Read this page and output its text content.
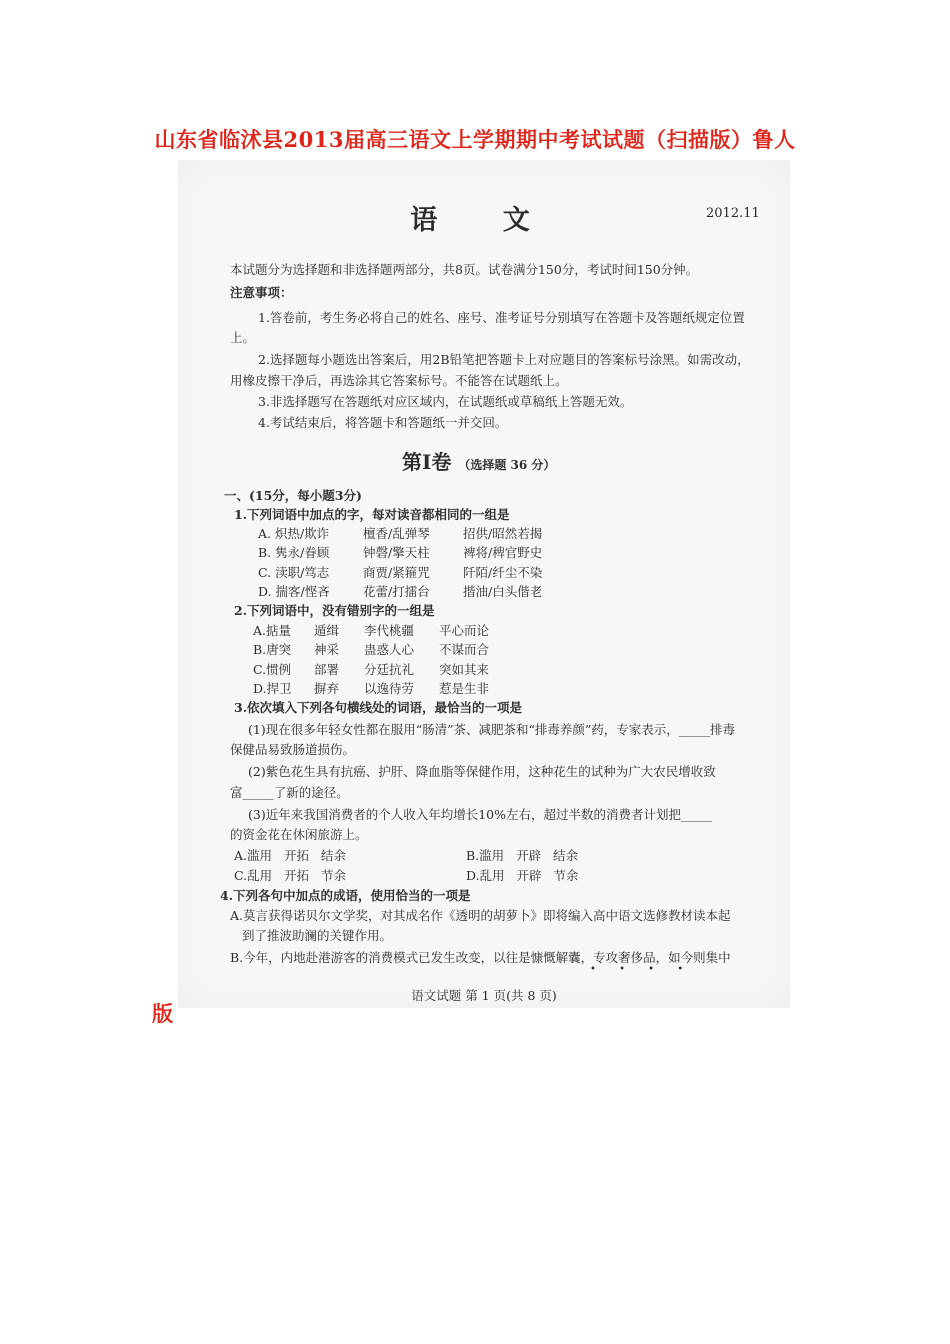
山东省临沭县2013届高三语文上学期期中考试试题（扫描版）鲁人
语 文	2012.11
本试题分为选择题和非选择题两部分，共8页。试卷满分150分，考试时间150分钟。
注意事项：
1.答卷前，考生务必将自己的姓名、座号、准考证号分别填写在答题卡及答题纸规定位置
上。
2.选择题每小题选出答案后，用2B铅笔把答题卡上对应题目的答案标号涂黑。如需改动，
用橡皮擦干净后，再选涂其它答案标号。不能答在试题纸上。
3.非选择题写在答题纸对应区域内，在试题纸或草稿纸上答题无效。
4.考试结束后，将答题卡和答题纸一并交回。
第Ⅰ卷 （选择题 36 分）
一、(15分，每小题3分)
1.下列词语中加点的字，每对读音都相同的一组是
A. 炽热/欺诈	檀香/乱弹琴	招供/昭然若揭
B. 隽永/眷顾	钟磬/擎天柱	裨将/稗官野史
C. 渎职/笃志	商贾/紧箍咒	阡陌/纤尘不染
D. 揣客/悭吝	花蕾/打擂台	揩油/白头偕老
2.下列词语中，没有错别字的一组是
A.掂量 遁缉 李代桃疆 平心而论
B.唐突 神采 蛊惑人心 不谋而合
C.惯例 部署 分廷抗礼 突如其来
D.捍卫 摒弃 以逸待劳 惹是生非
3.依次填入下列各句横线处的词语，最恰当的一项是
(1)现在很多年轻女性都在服用“肠清”茶、减肥茶和“排毒养颜”药，专家表示，_____排毒
保健品易致肠道损伤。
(2)紫色花生具有抗癌、护肝、降血脂等保健作用，这种花生的试种为广大农民增收致
富_____了新的途径。
(3)近年来我国消费者的个人收入年均增长10%左右，超过半数的消费者计划把_____
的资金花在休闲旅游上。
A.滥用 开拓 结余	B.滥用 开辟 结余
C.乱用 开拓 节余	D.乱用 开辟 节余
4.下列各句中加点的成语，使用恰当的一项是
A.莫言获得诺贝尔文学奖，对其成名作《透明的胡萝卜》即将编入高中语文选修教材读本起
到了推波助澜的关键作用。
B.今年，内地赴港游客的消费模式已发生改变，以往是慷慨解囊，专攻奢侈品，如今则集中
• • • •
语文试题 第 1 页(共 8 页)
版
